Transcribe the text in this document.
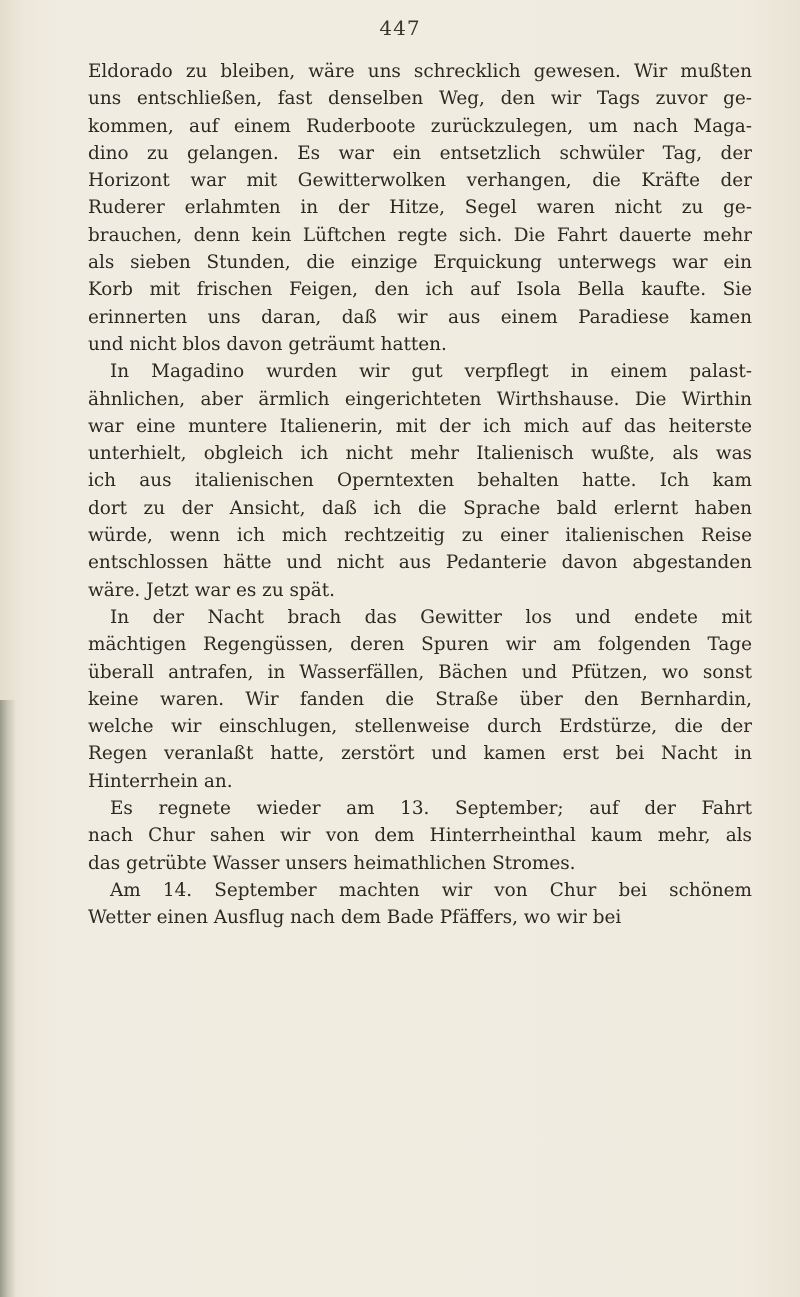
447
Eldorado zu bleiben, wäre uns schrecklich gewesen. Wir mußten
uns entschließen, fast denselben Weg, den wir Tags zuvor ge-
kommen, auf einem Ruderboote zurückzulegen, um nach Maga-
dino zu gelangen. Es war ein entsetzlich schwüler Tag, der
Horizont war mit Gewitterwolken verhangen, die Kräfte der
Ruderer erlahmten in der Hitze, Segel waren nicht zu ge-
brauchen, denn kein Lüftchen regte sich. Die Fahrt dauerte mehr
als sieben Stunden, die einzige Erquickung unterwegs war ein
Korb mit frischen Feigen, den ich auf Isola Bella kaufte. Sie
erinnerten uns daran, daß wir aus einem Paradiese kamen
und nicht blos davon geträumt hatten.
In Magadino wurden wir gut verpflegt in einem palast-
ähnlichen, aber ärmlich eingerichteten Wirthshause. Die Wirthin
war eine muntere Italienerin, mit der ich mich auf das heiterste
unterhielt, obgleich ich nicht mehr Italienisch wußte, als was
ich aus italienischen Operntexten behalten hatte. Ich kam
dort zu der Ansicht, daß ich die Sprache bald erlernt haben
würde, wenn ich mich rechtzeitig zu einer italienischen Reise
entschlossen hätte und nicht aus Pedanterie davon abgestanden
wäre. Jetzt war es zu spät.
In der Nacht brach das Gewitter los und endete mit
mächtigen Regengüssen, deren Spuren wir am folgenden Tage
überall antrafen, in Wasserfällen, Bächen und Pfützen, wo sonst
keine waren. Wir fanden die Straße über den Bernhardin,
welche wir einschlugen, stellenweise durch Erdstürze, die der
Regen veranlaßt hatte, zerstört und kamen erst bei Nacht in
Hinterrhein an.
Es regnete wieder am 13. September; auf der Fahrt
nach Chur sahen wir von dem Hinterrheinthal kaum mehr, als
das getrübte Wasser unsers heimathlichen Stromes.
Am 14. September machten wir von Chur bei schönem
Wetter einen Ausflug nach dem Bade Pfäffers, wo wir bei
